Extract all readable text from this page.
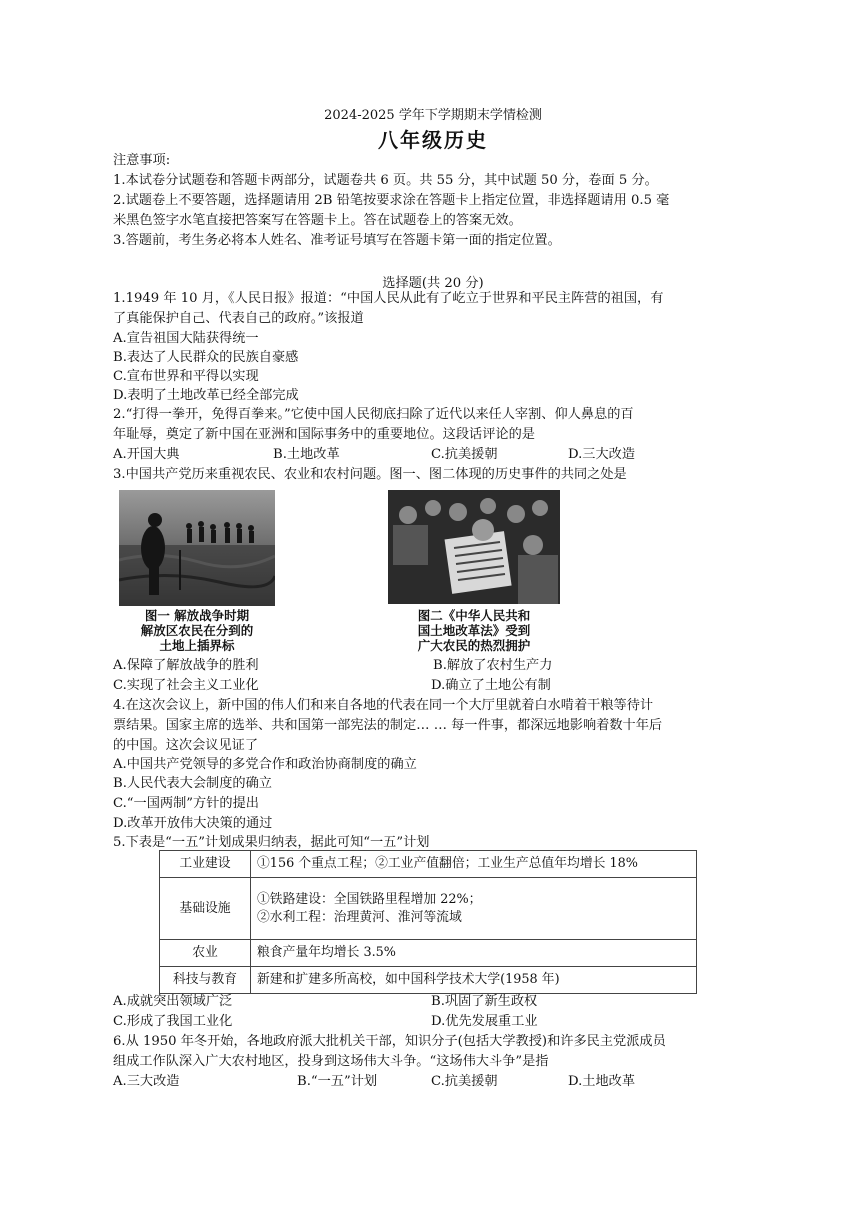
2024-2025 学年下学期期末学情检测
八年级历史
注意事项:
1.本试卷分试题卷和答题卡两部分，试题卷共 6 页。共 55 分，其中试题 50 分，卷面 5 分。
2.试题卷上不要答题，选择题请用 2B 铅笔按要求涂在答题卡上指定位置，非选择题请用 0.5 毫
米黑色签字水笔直接把答案写在答题卡上。答在试题卷上的答案无效。
3.答题前，考生务必将本人姓名、准考证号填写在答题卡第一面的指定位置。
选择题(共 20 分)
1.1949 年 10 月，《人民日报》报道：“中国人民从此有了屹立于世界和平民主阵营的祖国，有
了真能保护自己、代表自己的政府。”该报道
A.宣告祖国大陆获得统一
B.表达了人民群众的民族自豪感
C.宣布世界和平得以实现
D.表明了土地改革已经全部完成
2.“打得一拳开，免得百拳来。”它使中国人民彻底扫除了近代以来任人宰割、仰人鼻息的百
年耻辱，奠定了新中国在亚洲和国际事务中的重要地位。这段话评论的是
A.开国大典	B.土地改革	C.抗美援朝	D.三大改造
3.中国共产党历来重视农民、农业和农村问题。图一、图二体现的历史事件的共同之处是
图一 解放战争时期
解放区农民在分到的
土地上插界标
图二《中华人民共和
国土地改革法》受到
广大农民的热烈拥护
A.保障了解放战争的胜利	B.解放了农村生产力
C.实现了社会主义工业化	D.确立了土地公有制
4.在这次会议上，新中国的伟人们和来自各地的代表在同一个大厅里就着白水啃着干粮等待计
票结果。国家主席的选举、共和国第一部宪法的制定… … 每一件事，都深远地影响着数十年后
的中国。这次会议见证了
A.中国共产党领导的多党合作和政治协商制度的确立
B.人民代表大会制度的确立
C.“一国两制”方针的提出
D.改革开放伟大决策的通过
5.下表是“一五”计划成果归纳表，据此可知“一五”计划
工业建设	①156 个重点工程；②工业产值翻倍；工业生产总值年均增长 18%

基础设施	①铁路建设：全国铁路里程增加 22%；
②水利工程：治理黄河、淮河等流域

农业	粮食产量年均增长 3.5%

科技与教育	新建和扩建多所高校，如中国科学技术大学(1958 年)
A.成就突出领域广泛	B.巩固了新生政权
C.形成了我国工业化	D.优先发展重工业
6.从 1950 年冬开始，各地政府派大批机关干部，知识分子(包括大学教授)和许多民主党派成员
组成工作队深入广大农村地区，投身到这场伟大斗争。“这场伟大斗争”是指
A.三大改造	B.“一五”计划	C.抗美援朝	D.土地改革
